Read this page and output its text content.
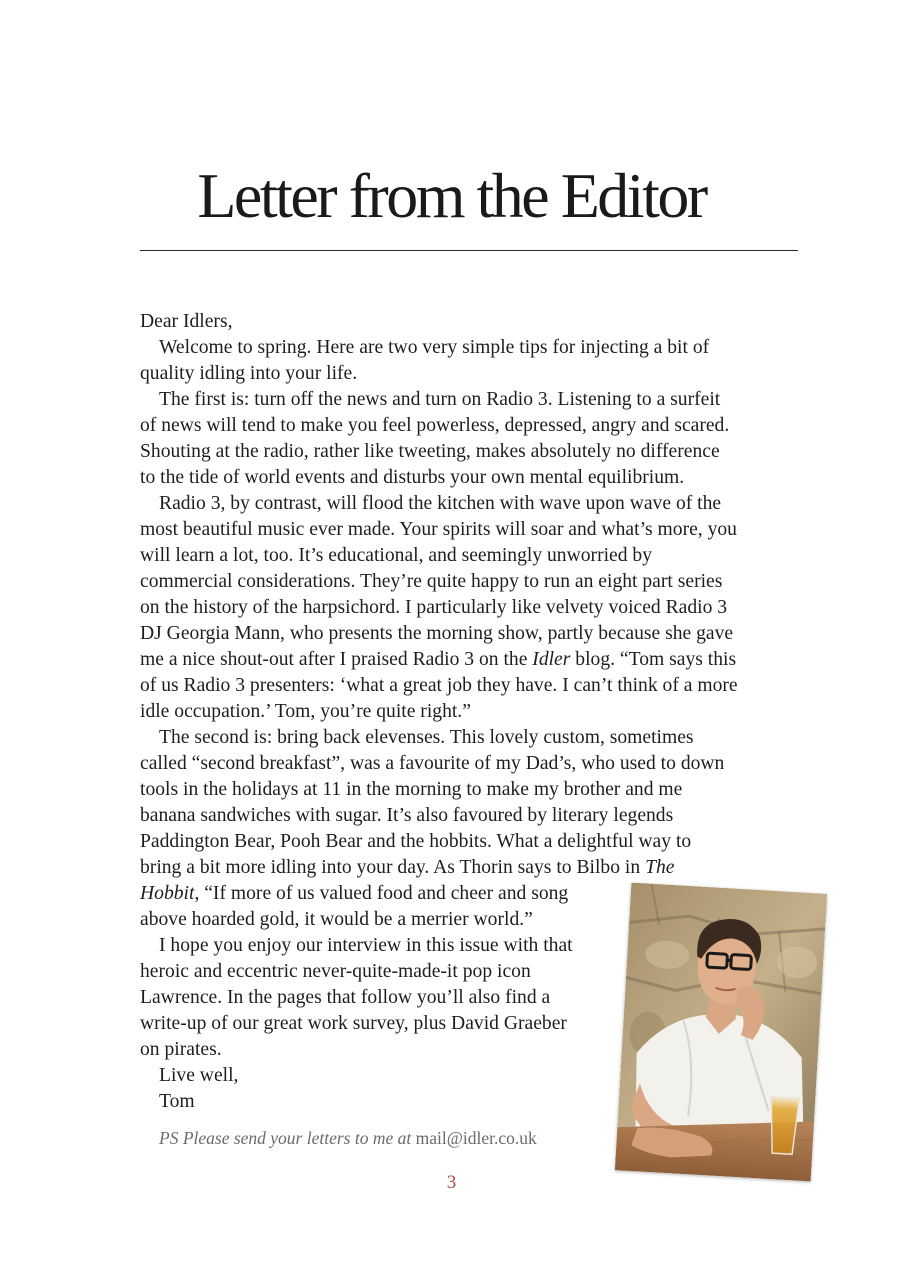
Letter from the Editor
Dear Idlers,
Welcome to spring. Here are two very simple tips for injecting a bit of
quality idling into your life.
The first is: turn off the news and turn on Radio 3. Listening to a surfeit
of news will tend to make you feel powerless, depressed, angry and scared.
Shouting at the radio, rather like tweeting, makes absolutely no difference
to the tide of world events and disturbs your own mental equilibrium.
Radio 3, by contrast, will flood the kitchen with wave upon wave of the
most beautiful music ever made. Your spirits will soar and what’s more, you
will learn a lot, too. It’s educational, and seemingly unworried by
commercial considerations. They’re quite happy to run an eight part series
on the history of the harpsichord. I particularly like velvety voiced Radio 3
DJ Georgia Mann, who presents the morning show, partly because she gave
me a nice shout-out after I praised Radio 3 on the Idler blog. “Tom says this
of us Radio 3 presenters: ‘what a great job they have. I can’t think of a more
idle occupation.’ Tom, you’re quite right.”
The second is: bring back elevenses. This lovely custom, sometimes
called “second breakfast”, was a favourite of my Dad’s, who used to down
tools in the holidays at 11 in the morning to make my brother and me
banana sandwiches with sugar. It’s also favoured by literary legends
Paddington Bear, Pooh Bear and the hobbits. What a delightful way to
bring a bit more idling into your day. As Thorin says to Bilbo in The
Hobbit, “If more of us valued food and cheer and song
above hoarded gold, it would be a merrier world.”
I hope you enjoy our interview in this issue with that
heroic and eccentric never-quite-made-it pop icon
Lawrence. In the pages that follow you’ll also find a
write-up of our great work survey, plus David Graeber
on pirates.
Live well,
Tom
PS Please send your letters to me at mail@idler.co.uk
3
